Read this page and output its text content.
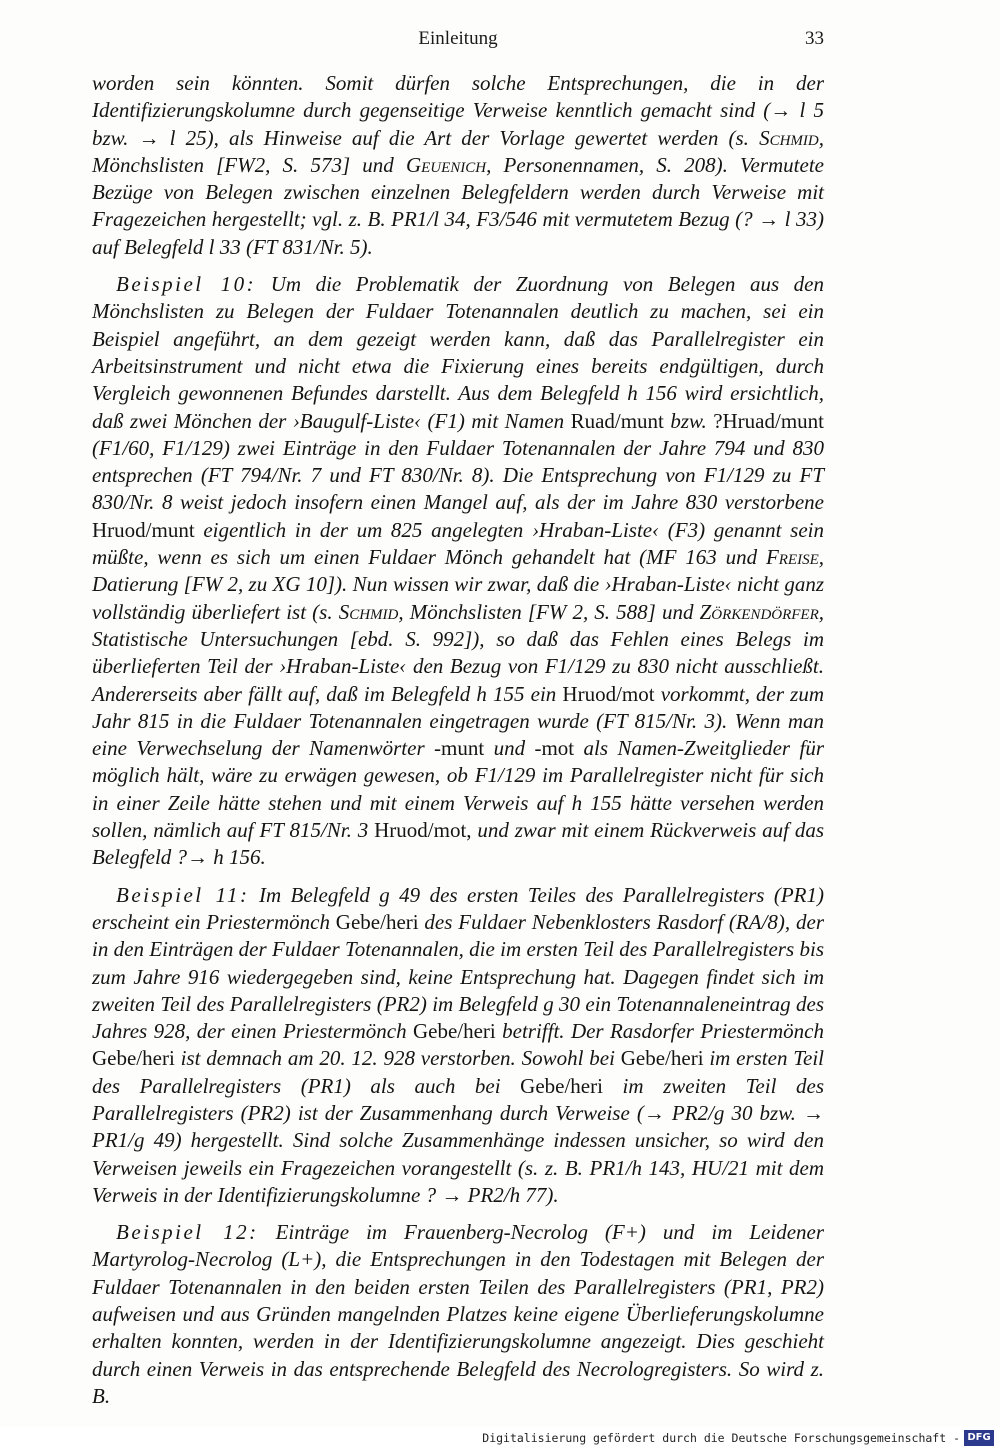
Einleitung	33

worden sein könnten. Somit dürfen solche Entsprechungen, die in der Identifizierungskolumne durch gegenseitige Verweise kenntlich gemacht sind (→ l 5 bzw. → l 25), als Hinweise auf die Art der Vorlage gewertet werden (s. Schmid, Mönchslisten [FW2, S. 573] und Geuenich, Personennamen, S. 208). Vermutete Bezüge von Belegen zwischen einzelnen Belegfeldern werden durch Verweise mit Fragezeichen hergestellt; vgl. z. B. PR1/l 34, F3/546 mit vermutetem Bezug (? → l 33) auf Belegfeld l 33 (FT 831/Nr. 5).

Beispiel 10: Um die Problematik der Zuordnung von Belegen aus den Mönchslisten zu Belegen der Fuldaer Totenannalen deutlich zu machen, sei ein Beispiel angeführt, an dem gezeigt werden kann, daß das Parallelregister ein Arbeitsinstrument und nicht etwa die Fixierung eines bereits endgültigen, durch Vergleich gewonnenen Befundes darstellt. Aus dem Belegfeld h 156 wird ersichtlich, daß zwei Mönchen der ›Baugulf-Liste‹ (F1) mit Namen Ruad/munt bzw. ?Hruad/munt (F1/60, F1/129) zwei Einträge in den Fuldaer Totenannalen der Jahre 794 und 830 entsprechen (FT 794/Nr. 7 und FT 830/Nr. 8). Die Entsprechung von F1/129 zu FT 830/Nr. 8 weist jedoch insofern einen Mangel auf, als der im Jahre 830 verstorbene Hruod/munt eigentlich in der um 825 angelegten ›Hraban-Liste‹ (F3) genannt sein müßte, wenn es sich um einen Fuldaer Mönch gehandelt hat (MF 163 und Freise, Datierung [FW 2, zu XG 10]). Nun wissen wir zwar, daß die ›Hraban-Liste‹ nicht ganz vollständig überliefert ist (s. Schmid, Mönchslisten [FW 2, S. 588] und Zörkendörfer, Statistische Untersuchungen [ebd. S. 992]), so daß das Fehlen eines Belegs im überlieferten Teil der ›Hraban-Liste‹ den Bezug von F1/129 zu 830 nicht ausschließt. Andererseits aber fällt auf, daß im Belegfeld h 155 ein Hruod/mot vorkommt, der zum Jahr 815 in die Fuldaer Totenannalen eingetragen wurde (FT 815/Nr. 3). Wenn man eine Verwechselung der Namenwörter -munt und -mot als Namen-Zweitglieder für möglich hält, wäre zu erwägen gewesen, ob F1/129 im Parallelregister nicht für sich in einer Zeile hätte stehen und mit einem Verweis auf h 155 hätte versehen werden sollen, nämlich auf FT 815/Nr. 3 Hruod/mot, und zwar mit einem Rückverweis auf das Belegfeld ?→ h 156.

Beispiel 11: Im Belegfeld g 49 des ersten Teiles des Parallelregisters (PR1) erscheint ein Priestermönch Gebe/heri des Fuldaer Nebenklosters Rasdorf (RA/8), der in den Einträgen der Fuldaer Totenannalen, die im ersten Teil des Parallelregisters bis zum Jahre 916 wiedergegeben sind, keine Entsprechung hat. Dagegen findet sich im zweiten Teil des Parallelregisters (PR2) im Belegfeld g 30 ein Totenannaleneintrag des Jahres 928, der einen Priestermönch Gebe/heri betrifft. Der Rasdorfer Priestermönch Gebe/heri ist demnach am 20. 12. 928 verstorben. Sowohl bei Gebe/heri im ersten Teil des Parallelregisters (PR1) als auch bei Gebe/heri im zweiten Teil des Parallelregisters (PR2) ist der Zusammenhang durch Verweise (→ PR2/g 30 bzw. → PR1/g 49) hergestellt. Sind solche Zusammenhänge indessen unsicher, so wird den Verweisen jeweils ein Fragezeichen vorangestellt (s. z. B. PR1/h 143, HU/21 mit dem Verweis in der Identifizierungskolumne ? → PR2/h 77).

Beispiel 12: Einträge im Frauenberg-Necrolog (F+) und im Leidener Martyrolog-Necrolog (L+), die Entsprechungen in den Todestagen mit Belegen der Fuldaer Totenannalen in den beiden ersten Teilen des Parallelregisters (PR1, PR2) aufweisen und aus Gründen mangelnden Platzes keine eigene Überlieferungskolumne erhalten konnten, werden in der Identifizierungskolumne angezeigt. Dies geschieht durch einen Verweis in das entsprechende Belegfeld des Necrologregisters. So wird z. B.

Digitalisierung gefördert durch die Deutsche Forschungsgemeinschaft - DFG
